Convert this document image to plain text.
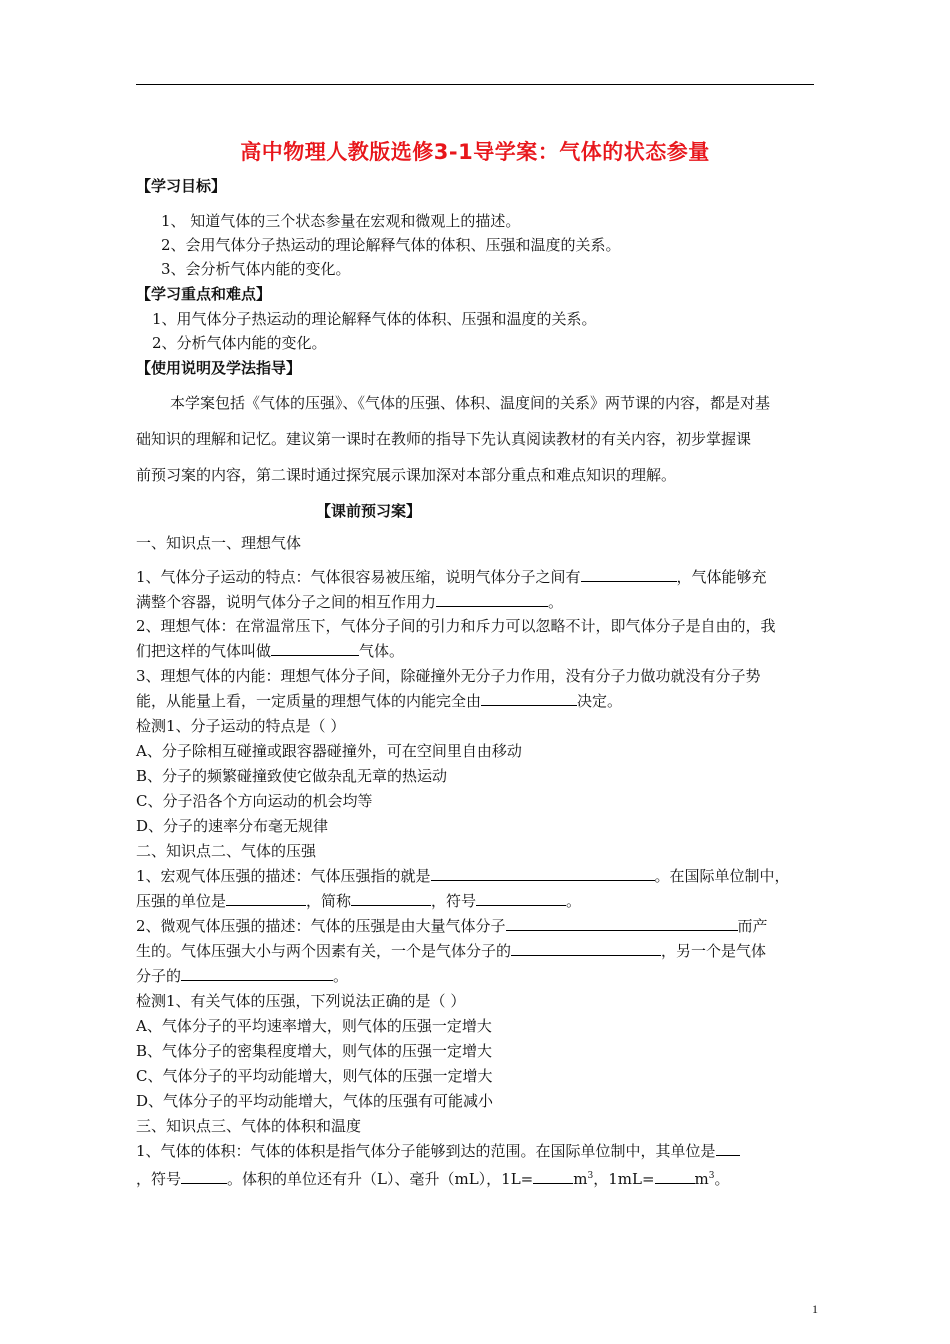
高中物理人教版选修3-1导学案：气体的状态参量
【学习目标】
1、 知道气体的三个状态参量在宏观和微观上的描述。
2、会用气体分子热运动的理论解释气体的体积、压强和温度的关系。
3、会分析气体内能的变化。
【学习重点和难点】
1、用气体分子热运动的理论解释气体的体积、压强和温度的关系。
2、分析气体内能的变化。
【使用说明及学法指导】
本学案包括《气体的压强》、《气体的压强、体积、温度间的关系》两节课的内容，都是对基
础知识的理解和记忆。建议第一课时在教师的指导下先认真阅读教材的有关内容，初步掌握课
前预习案的内容，第二课时通过探究展示课加深对本部分重点和难点知识的理解。
【课前预习案】
一、知识点一、理想气体
1、气体分子运动的特点：气体很容易被压缩，说明气体分子之间有	，气体能够充
满整个容器，说明气体分子之间的相互作用力	。
2、理想气体：在常温常压下，气体分子间的引力和斥力可以忽略不计，即气体分子是自由的，我
们把这样的气体叫做	气体。
3、理想气体的内能：理想气体分子间，除碰撞外无分子力作用，没有分子力做功就没有分子势
能，从能量上看，一定质量的理想气体的内能完全由	决定。
检测1、分子运动的特点是（ ）
A、分子除相互碰撞或跟容器碰撞外，可在空间里自由移动
B、分子的频繁碰撞致使它做杂乱无章的热运动
C、分子沿各个方向运动的机会均等
D、分子的速率分布毫无规律
二、知识点二、气体的压强
1、宏观气体压强的描述：气体压强指的就是	。在国际单位制中，
压强的单位是	，简称	，符号	。
2、微观气体压强的描述：气体的压强是由大量气体分子	而产
生的。气体压强大小与两个因素有关，一个是气体分子的	，另一个是气体
分子的	。
检测1、有关气体的压强，下列说法正确的是（ ）
A、气体分子的平均速率增大，则气体的压强一定增大
B、气体分子的密集程度增大，则气体的压强一定增大
C、气体分子的平均动能增大，则气体的压强一定增大
D、气体分子的平均动能增大，气体的压强有可能减小
三、知识点三、气体的体积和温度
1、气体的体积：气体的体积是指气体分子能够到达的范围。在国际单位制中，其单位是
，符号	。体积的单位还有升（L）、毫升（mL），1L=	$m^3$，1mL=	$m^3$。
1
